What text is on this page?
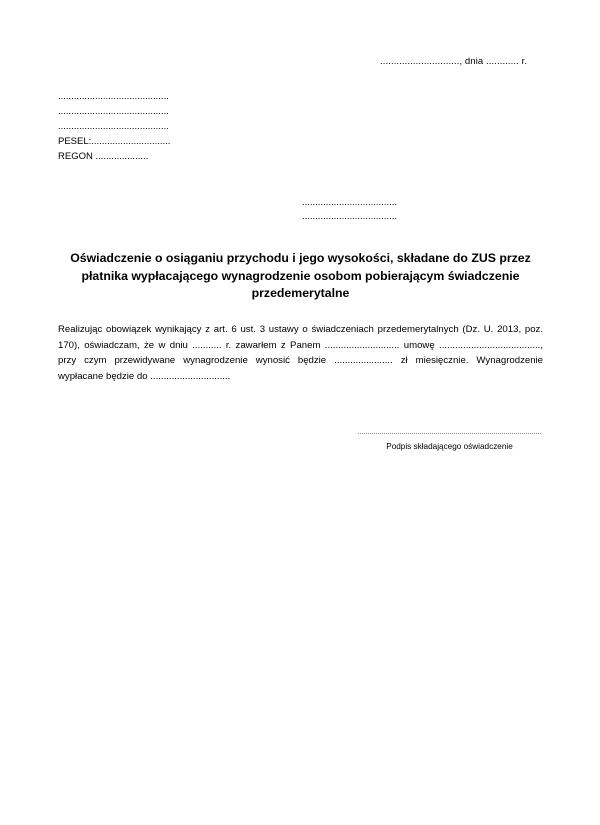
............................., dnia ............ r.
..........................................
..........................................
..........................................
PESEL:..............................
REGON ....................
....................................
....................................
Oświadczenie o osiąganiu przychodu i jego wysokości, składane do ZUS przez płatnika wypłacającego wynagrodzenie osobom pobierającym świadczenie przedemerytalne
Realizując obowiązek wynikający z art. 6 ust. 3 ustawy o świadczeniach przedemerytalnych (Dz. U. 2013, poz. 170), oświadczam, że w dniu ........... r. zawarłem z Panem ............................ umowę ......................................, przy czym przewidywane wynagrodzenie wynosić będzie ...................... zł miesięcznie. Wynagrodzenie wypłacane będzie do ..............................
Podpis składającego oświadczenie
